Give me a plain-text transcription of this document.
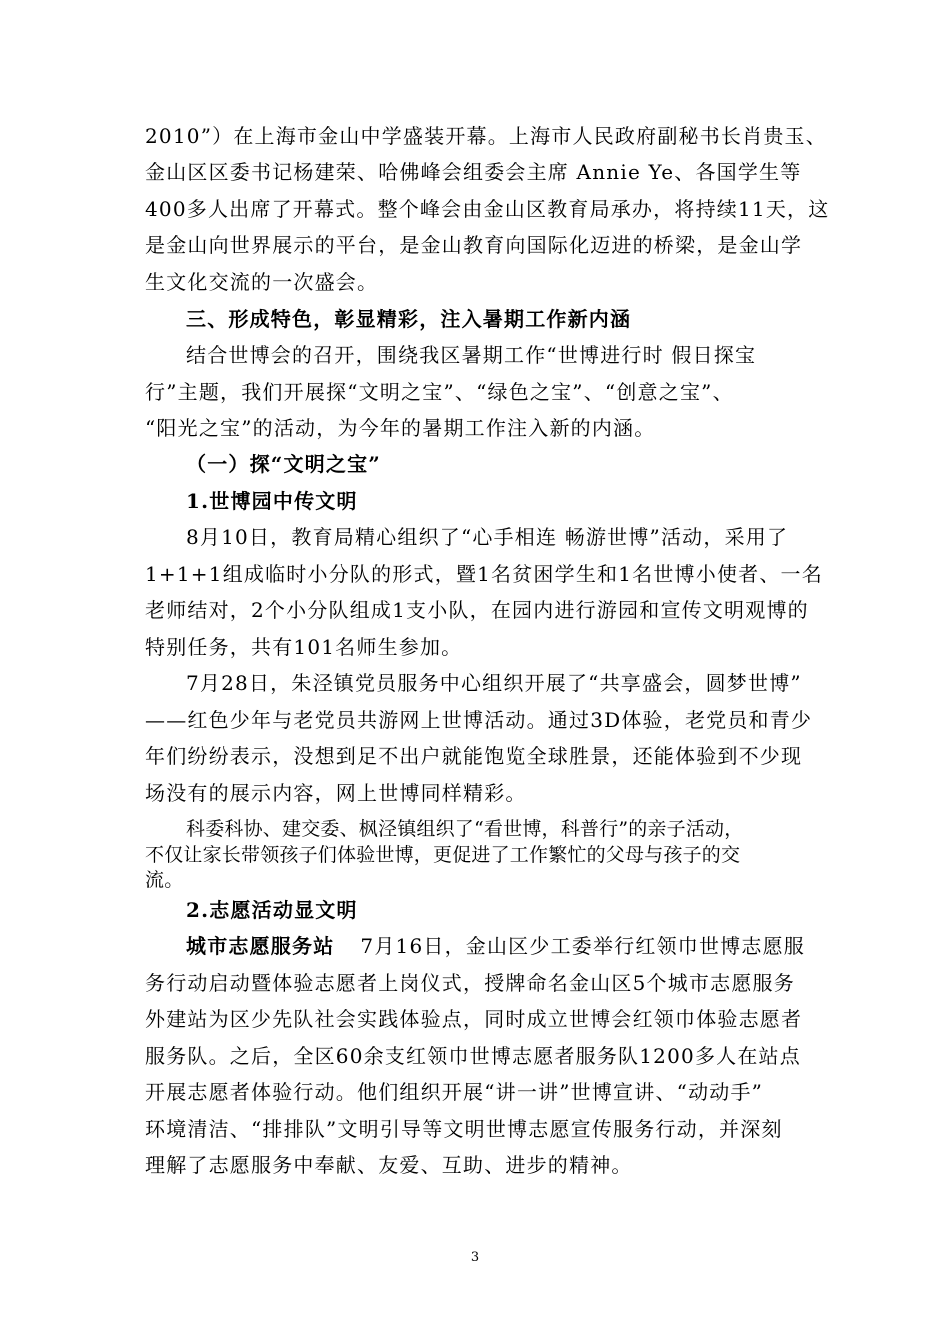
2010”）在上海市金山中学盛装开幕。上海市人民政府副秘书长肖贵玉、
金山区区委书记杨建荣、哈佛峰会组委会主席 Annie Ye、各国学生等
400多人出席了开幕式。整个峰会由金山区教育局承办，将持续11天，这
是金山向世界展示的平台，是金山教育向国际化迈进的桥梁，是金山学
生文化交流的一次盛会。
三、形成特色，彰显精彩，注入暑期工作新内涵
结合世博会的召开，围绕我区暑期工作“世博进行时 假日探宝
行”主题，我们开展探“文明之宝”、“绿色之宝”、“创意之宝”、
“阳光之宝”的活动，为今年的暑期工作注入新的内涵。
（一）探“文明之宝”
1.世博园中传文明
8月10日，教育局精心组织了“心手相连 畅游世博”活动，采用了
1+1+1组成临时小分队的形式，暨1名贫困学生和1名世博小使者、一名
老师结对，2个小分队组成1支小队，在园内进行游园和宣传文明观博的
特别任务，共有101名师生参加。
7月28日，朱泾镇党员服务中心组织开展了“共享盛会，圆梦世博”
——红色少年与老党员共游网上世博活动。通过3D体验，老党员和青少
年们纷纷表示，没想到足不出户就能饱览全球胜景，还能体验到不少现
场没有的展示内容，网上世博同样精彩。
科委科协、建交委、枫泾镇组织了“看世博，科普行”的亲子活动，
不仅让家长带领孩子们体验世博，更促进了工作繁忙的父母与孩子的交
流。
2.志愿活动显文明
城市志愿服务站 7月16日，金山区少工委举行红领巾世博志愿服
务行动启动暨体验志愿者上岗仪式，授牌命名金山区5个城市志愿服务
外建站为区少先队社会实践体验点，同时成立世博会红领巾体验志愿者
服务队。之后，全区60余支红领巾世博志愿者服务队1200多人在站点
开展志愿者体验行动。他们组织开展“讲一讲”世博宣讲、“动动手”
环境清洁、“排排队”文明引导等文明世博志愿宣传服务行动，并深刻
理解了志愿服务中奉献、友爱、互助、进步的精神。
3
